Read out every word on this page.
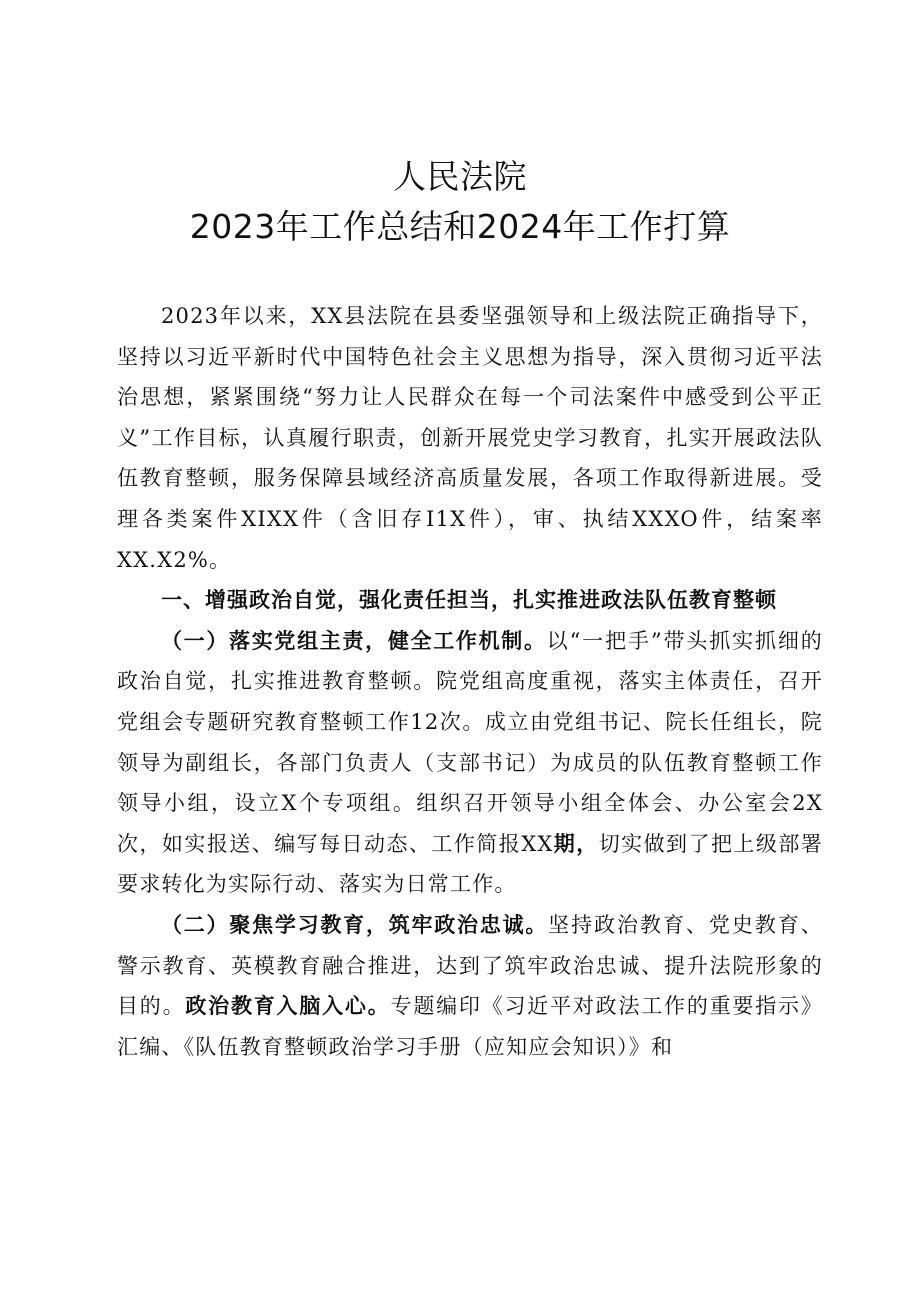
人民法院
2023年工作总结和2024年工作打算

2023年以来，XX县法院在县委坚强领导和上级法院正确指导下，坚持以习近平新时代中国特色社会主义思想为指导，深入贯彻习近平法治思想，紧紧围绕“努力让人民群众在每一个司法案件中感受到公平正义”工作目标，认真履行职责，创新开展党史学习教育，扎实开展政法队伍教育整顿，服务保障县域经济高质量发展，各项工作取得新进展。受理各类案件XIXX件（含旧存I1X件），审、执结XXXO件，结案率XX.X2%。

一、增强政治自觉，强化责任担当，扎实推进政法队伍教育整顿

（一）落实党组主责，健全工作机制。以“一把手”带头抓实抓细的政治自觉，扎实推进教育整顿。院党组高度重视，落实主体责任，召开党组会专题研究教育整顿工作12次。成立由党组书记、院长任组长，院领导为副组长，各部门负责人（支部书记）为成员的队伍教育整顿工作领导小组，设立X个专项组。组织召开领导小组全体会、办公室会2X次，如实报送、编写每日动态、工作简报XX期，切实做到了把上级部署要求转化为实际行动、落实为日常工作。

（二）聚焦学习教育，筑牢政治忠诚。坚持政治教育、党史教育、警示教育、英模教育融合推进，达到了筑牢政治忠诚、提升法院形象的目的。政治教育入脑入心。专题编印《习近平对政法工作的重要指示》汇编、《队伍教育整顿政治学习手册（应知应会知识）》和
